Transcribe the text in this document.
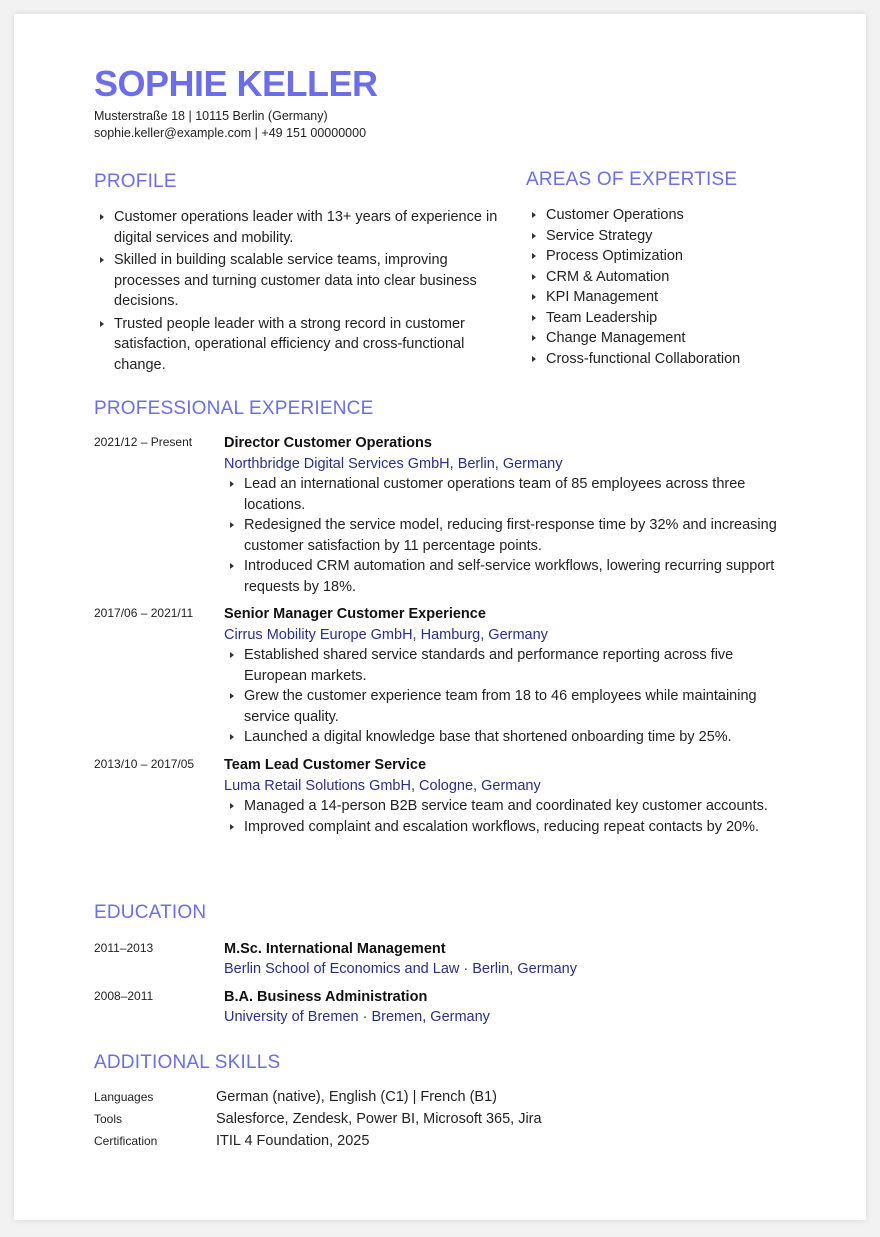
SOPHIE KELLER
Musterstraße 18 | 10115 Berlin (Germany)
sophie.keller@example.com | +49 151 00000000
PROFILE
Customer operations leader with 13+ years of experience in digital services and mobility.
Skilled in building scalable service teams, improving processes and turning customer data into clear business decisions.
Trusted people leader with a strong record in customer satisfaction, operational efficiency and cross-functional change.
AREAS OF EXPERTISE
Customer Operations
Service Strategy
Process Optimization
CRM & Automation
KPI Management
Team Leadership
Change Management
Cross-functional Collaboration
PROFESSIONAL EXPERIENCE
2021/12 – Present Director Customer Operations
Northbridge Digital Services GmbH, Berlin, Germany
Lead an international customer operations team of 85 employees across three locations.
Redesigned the service model, reducing first-response time by 32% and increasing customer satisfaction by 11 percentage points.
Introduced CRM automation and self-service workflows, lowering recurring support requests by 18%.
2017/06 – 2021/11 Senior Manager Customer Experience
Cirrus Mobility Europe GmbH, Hamburg, Germany
Established shared service standards and performance reporting across five European markets.
Grew the customer experience team from 18 to 46 employees while maintaining service quality.
Launched a digital knowledge base that shortened onboarding time by 25%.
2013/10 – 2017/05 Team Lead Customer Service
Luma Retail Solutions GmbH, Cologne, Germany
Managed a 14-person B2B service team and coordinated key customer accounts.
Improved complaint and escalation workflows, reducing repeat contacts by 20%.
EDUCATION
2011–2013	M.Sc. International Management
Berlin School of Economics and Law · Berlin, Germany
2008–2011	B.A. Business Administration
University of Bremen · Bremen, Germany
ADDITIONAL SKILLS
Languages	German (native), English (C1) | French (B1)
Tools	Salesforce, Zendesk, Power BI, Microsoft 365, Jira
Certification	ITIL 4 Foundation, 2025
